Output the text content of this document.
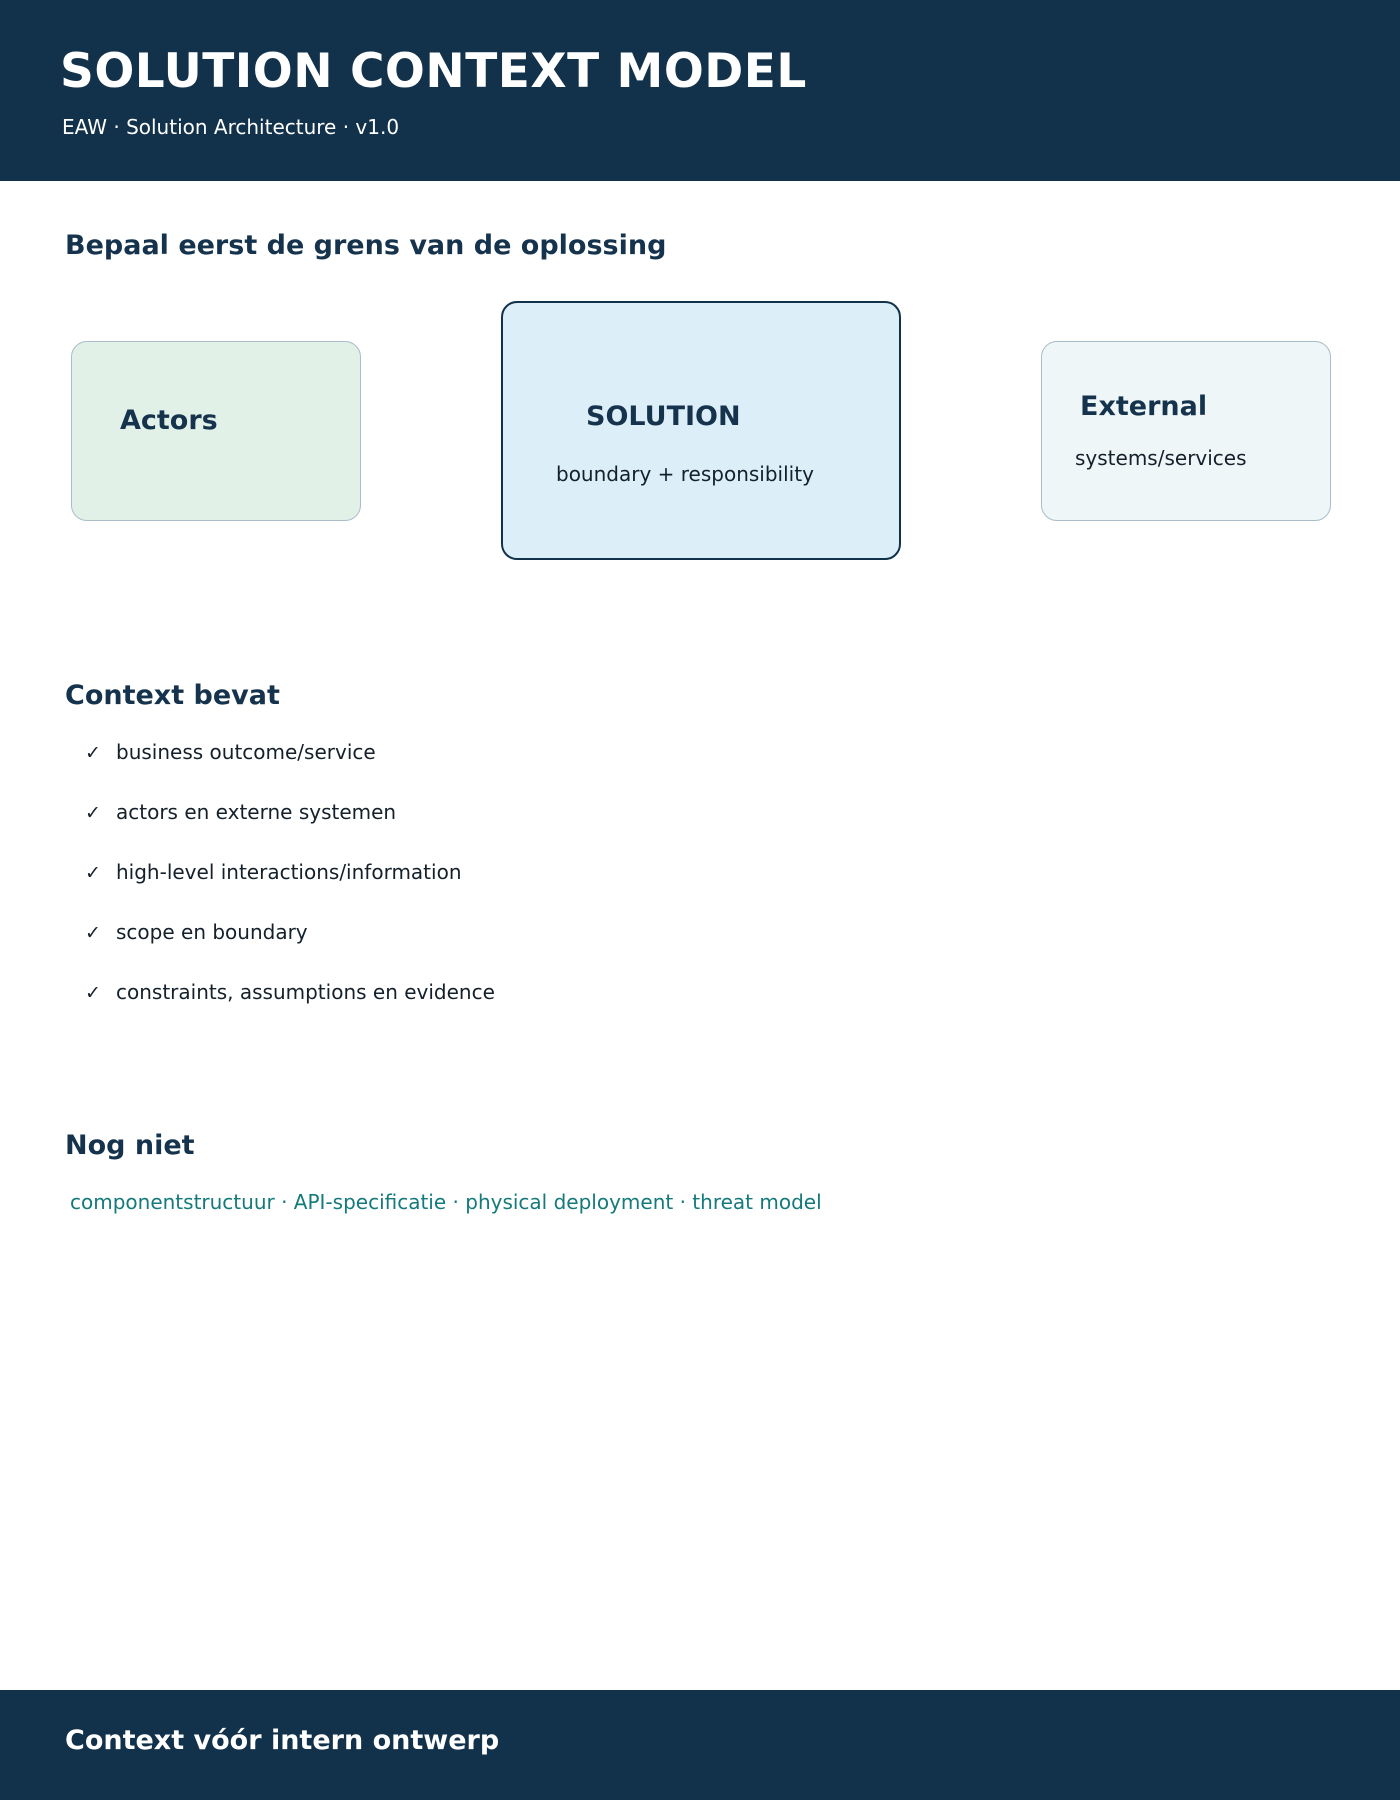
SOLUTION CONTEXT MODEL
EAW · Solution Architecture · v1.0
Bepaal eerst de grens van de oplossing
Actors	SOLUTION
boundary + responsibility
External
systems/services
Context bevat
✓ business outcome/service
✓ actors en externe systemen
✓ high-level interactions/information
✓ scope en boundary
✓ constraints, assumptions en evidence
Nog niet
componentstructuur · API-specificatie · physical deployment · threat model
Context vóór intern ontwerp
